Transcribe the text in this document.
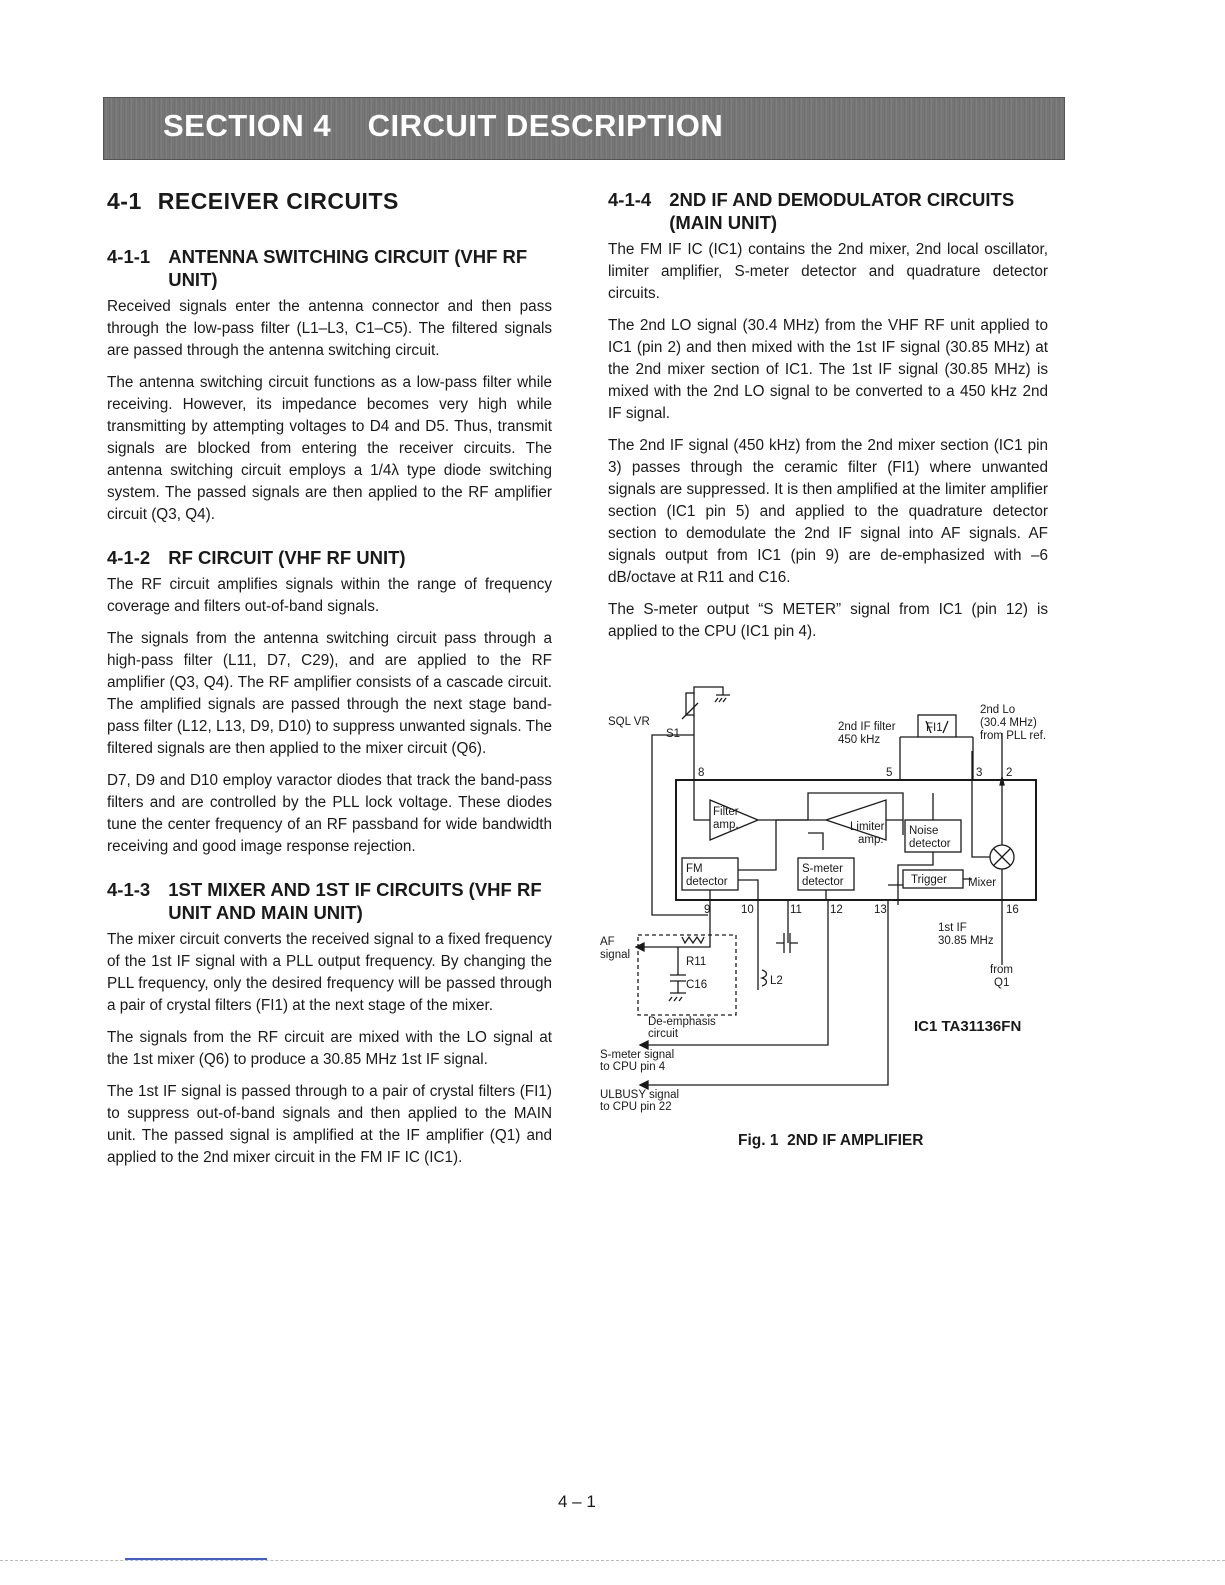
SECTION 4    CIRCUIT DESCRIPTION
4-1 RECEIVER CIRCUITS
4-1-1 ANTENNA SWITCHING CIRCUIT (VHF RF UNIT)

Received signals enter the antenna connector and then pass through the low-pass filter (L1–L3, C1–C5). The filtered signals are passed through the antenna switching circuit.

The antenna switching circuit functions as a low-pass filter while receiving. However, its impedance becomes very high while transmitting by attempting voltages to D4 and D5. Thus, transmit signals are blocked from entering the receiver circuits. The antenna switching circuit employs a 1/4λ type diode switching system. The passed signals are then applied to the RF amplifier circuit (Q3, Q4).

4-1-2 RF CIRCUIT (VHF RF UNIT)

The RF circuit amplifies signals within the range of frequency coverage and filters out-of-band signals.

The signals from the antenna switching circuit pass through a high-pass filter (L11, D7, C29), and are applied to the RF amplifier (Q3, Q4). The RF amplifier consists of a cascade circuit. The amplified signals are passed through the next stage band-pass filter (L12, L13, D9, D10) to suppress unwanted signals. The filtered signals are then applied to the mixer circuit (Q6).

D7, D9 and D10 employ varactor diodes that track the band-pass filters and are controlled by the PLL lock voltage. These diodes tune the center frequency of an RF passband for wide bandwidth receiving and good image response rejection.

4-1-3 1ST MIXER AND 1ST IF CIRCUITS (VHF RF UNIT AND MAIN UNIT)

The mixer circuit converts the received signal to a fixed frequency of the 1st IF signal with a PLL output frequency. By changing the PLL frequency, only the desired frequency will be passed through a pair of crystal filters (FI1) at the next stage of the mixer.

The signals from the RF circuit are mixed with the LO signal at the 1st mixer (Q6) to produce a 30.85 MHz 1st IF signal.

The 1st IF signal is passed through to a pair of crystal filters (FI1) to suppress out-of-band signals and then applied to the MAIN unit. The passed signal is amplified at the IF amplifier (Q1) and applied to the 2nd mixer circuit in the FM IF IC (IC1).

4-1-4 2ND IF AND DEMODULATOR CIRCUITS (MAIN UNIT)

The FM IF IC (IC1) contains the 2nd mixer, 2nd local oscillator, limiter amplifier, S-meter detector and quadrature detector circuits.

The 2nd LO signal (30.4 MHz) from the VHF RF unit applied to IC1 (pin 2) and then mixed with the 1st IF signal (30.85 MHz) at the 2nd mixer section of IC1. The 1st IF signal (30.85 MHz) is mixed with the 2nd LO signal to be converted to a 450 kHz 2nd IF signal.

The 2nd IF signal (450 kHz) from the 2nd mixer section (IC1 pin 3) passes through the ceramic filter (FI1) where unwanted signals are suppressed. It is then amplified at the limiter amplifier section (IC1 pin 5) and applied to the quadrature detector section to demodulate the 2nd IF signal into AF signals. AF signals output from IC1 (pin 9) are de-emphasized with –6 dB/octave at R11 and C16.

The S-meter output “S METER” signal from IC1 (pin 12) is applied to the CPU (IC1 pin 4).

SQL VR
S1
2nd IF filter
450 kHz
FI1
2nd Lo
(30.4 MHz)
from PLL ref.
8	5	3 2
Filter
amp.	Limiter
amp.
Noise
detector
FM
detector
S-meter
detector	Trigger Mixer
9	10	11 12	13	16
1st IF
30.85 MHz
from
Q1
AF
signal
R11
C16	L2
De-emphasis
circuit
S-meter signal
to CPU pin 4
ULBUSY signal
to CPU pin 22
IC1 TA31136FN
Fig. 1  2ND IF AMPLIFIER
4 – 1
